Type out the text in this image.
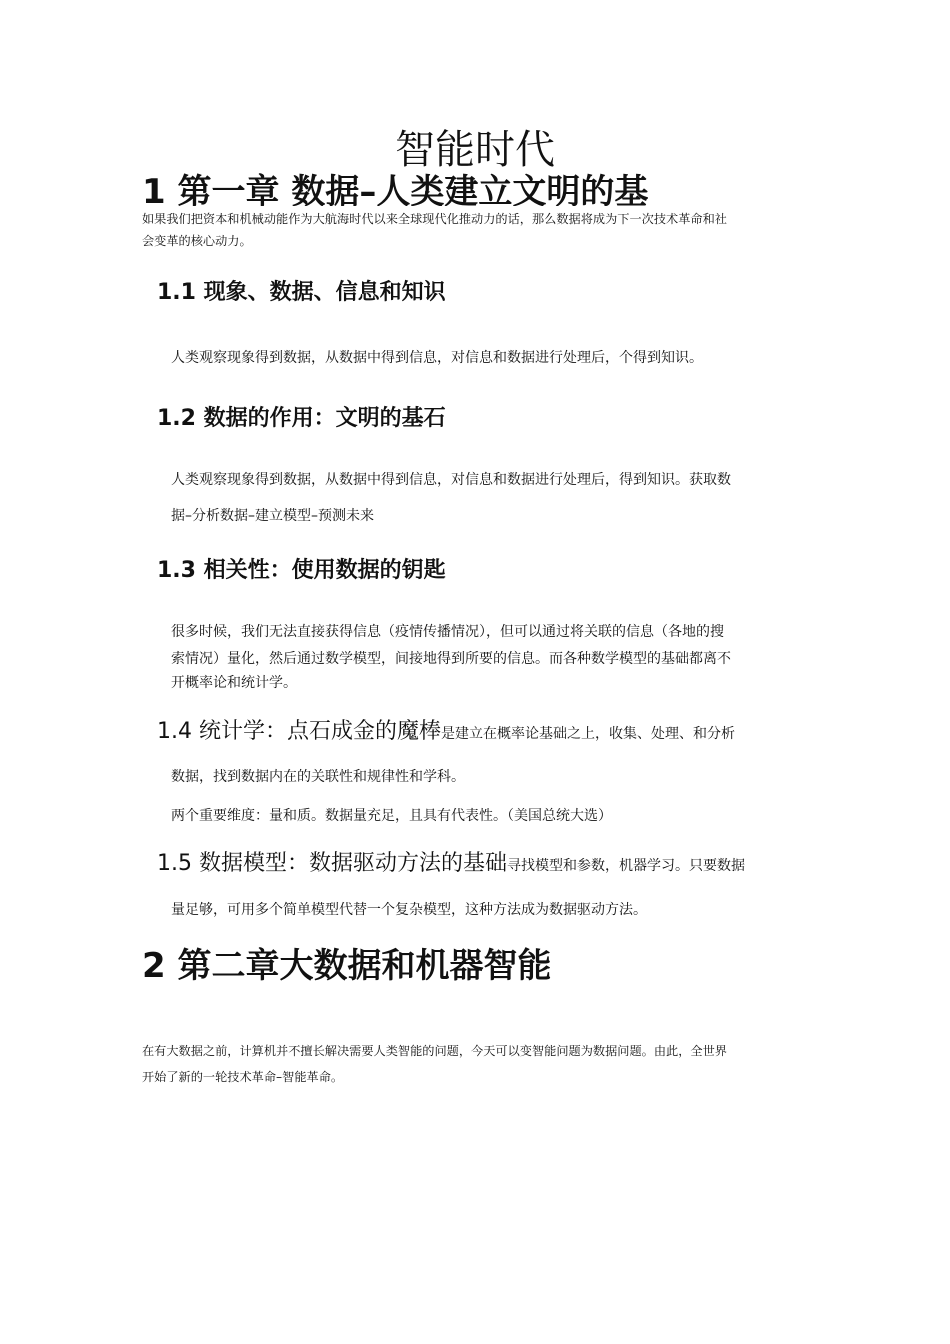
智能时代
1 第一章 数据–人类建立文明的基

如果我们把资本和机械动能作为大航海时代以来全球现代化推动力的话，那么数据将成为下一次技术革命和社

会变革的核心动力。

1.1 现象、数据、信息和知识

人类观察现象得到数据，从数据中得到信息，对信息和数据进行处理后，个得到知识。

1.2 数据的作用：文明的基石

人类观察现象得到数据，从数据中得到信息，对信息和数据进行处理后，得到知识。获取数

据–分析数据–建立模型–预测未来

1.3 相关性：使用数据的钥匙

很多时候，我们无法直接获得信息（疫情传播情况），但可以通过将关联的信息（各地的搜

索情况）量化，然后通过数学模型，间接地得到所要的信息。而各种数学模型的基础都离不

开概率论和统计学。

1.4 统计学：点石成金的魔棒是建立在概率论基础之上，收集、处理、和分析

数据，找到数据内在的关联性和规律性和学科。

两个重要维度：量和质。数据量充足，且具有代表性。（美国总统大选）

1.5 数据模型：数据驱动方法的基础寻找模型和参数，机器学习。只要数据

量足够，可用多个简单模型代替一个复杂模型，这种方法成为数据驱动方法。

2 第二章大数据和机器智能

在有大数据之前，计算机并不擅长解决需要人类智能的问题，今天可以变智能问题为数据问题。由此，全世界

开始了新的一轮技术革命–智能革命。
